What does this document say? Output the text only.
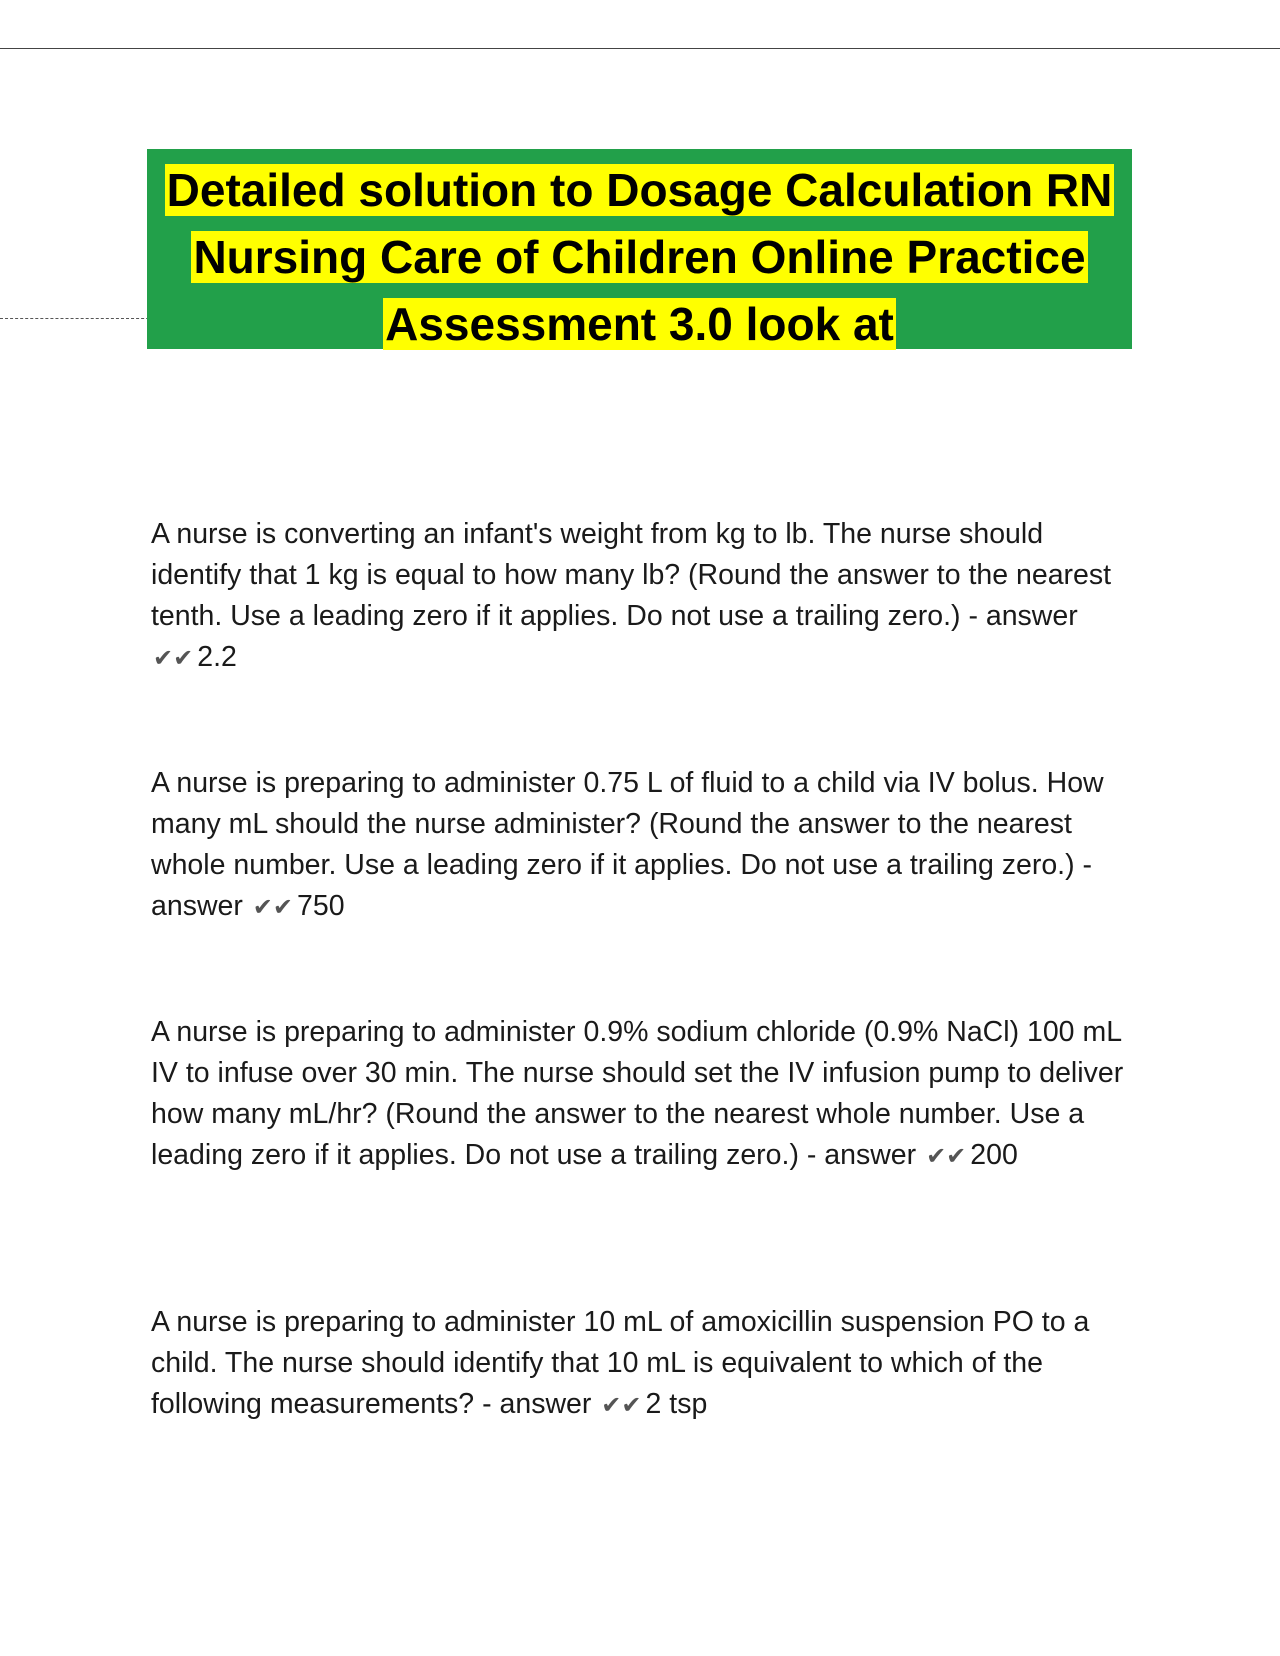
Detailed solution to Dosage Calculation RN
Nursing Care of Children Online Practice
Assessment 3.0 look at
A nurse is converting an infant's weight from kg to lb. The nurse should identify that 1 kg is equal to how many lb? (Round the answer to the nearest tenth. Use a leading zero if it applies. Do not use a trailing zero.) - answer ✔︎✔︎ 2.2
A nurse is preparing to administer 0.75 L of fluid to a child via IV bolus. How many mL should the nurse administer? (Round the answer to the nearest whole number. Use a leading zero if it applies. Do not use a trailing zero.) - answer ✔︎✔︎ 750
A nurse is preparing to administer 0.9% sodium chloride (0.9% NaCl) 100 mL IV to infuse over 30 min. The nurse should set the IV infusion pump to deliver how many mL/hr? (Round the answer to the nearest whole number. Use a leading zero if it applies. Do not use a trailing zero.) - answer ✔︎✔︎ 200
A nurse is preparing to administer 10 mL of amoxicillin suspension PO to a child. The nurse should identify that 10 mL is equivalent to which of the following measurements? - answer ✔︎✔︎ 2 tsp
